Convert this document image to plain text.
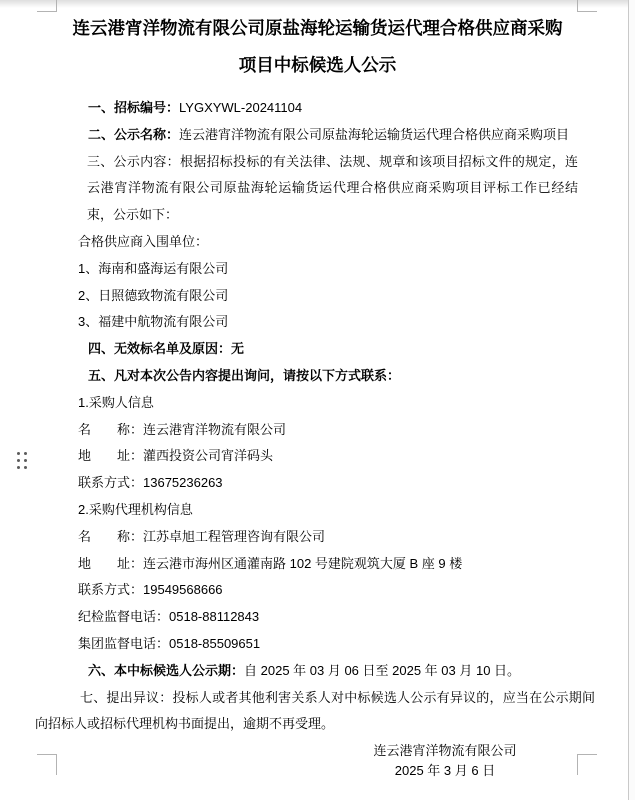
连云港宵洋物流有限公司原盐海轮运输货运代理合格供应商采购
项目中标候选人公示

一、招标编号：LYGXYWL-20241104

二、公示名称：连云港宵洋物流有限公司原盐海轮运输货运代理合格供应商采购项目

三、公示内容：根据招标投标的有关法律、法规、规章和该项目招标文件的规定，连云港宵洋物流有限公司原盐海轮运输货运代理合格供应商采购项目评标工作已经结束，公示如下：

合格供应商入围单位：

1、海南和盛海运有限公司

2、日照德致物流有限公司

3、福建中航物流有限公司

四、无效标名单及原因：无

五、凡对本次公告内容提出询问，请按以下方式联系：

1.采购人信息

名　　称：连云港宵洋物流有限公司

地　　址：灌西投资公司宵洋码头

联系方式：13675236263

2.采购代理机构信息

名　　称：江苏卓旭工程管理咨询有限公司

地　　址：连云港市海州区通灌南路 102 号建院观筑大厦 B 座 9 楼

联系方式：19549568666

纪检监督电话：0518-88112843

集团监督电话：0518-85509651

六、本中标候选人公示期：自 2025 年 03 月 06 日至 2025 年 03 月 10 日。

七、提出异议：投标人或者其他利害关系人对中标候选人公示有异议的，应当在公示期间向招标人或招标代理机构书面提出，逾期不再受理。

连云港宵洋物流有限公司
2025 年 3 月 6 日
